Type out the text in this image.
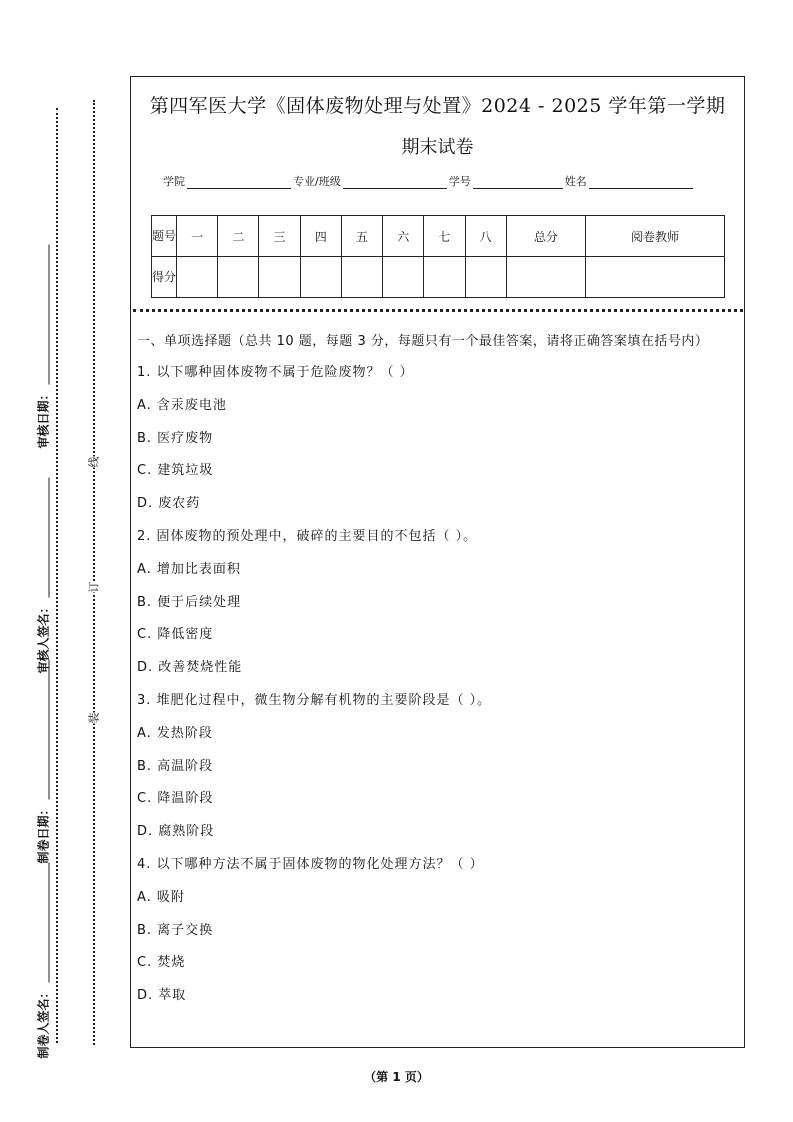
审核日期：
审核人签名：
制卷日期：
制卷人签名：
线
订
装
第四军医大学《固体废物处理与处置》2024 - 2025 学年第一学期
期末试卷
学院	专业/班级	学号	姓名
题号	一	二	三	四	五	六	七	八	总分	阅卷教师
得分										
一、单项选择题（总共 10 题，每题 3 分，每题只有一个最佳答案，请将正确答案填在括号内）
1. 以下哪种固体废物不属于危险废物？（ ）
A. 含汞废电池
B. 医疗废物
C. 建筑垃圾
D. 废农药
2. 固体废物的预处理中，破碎的主要目的不包括（ ）。
A. 增加比表面积
B. 便于后续处理
C. 降低密度
D. 改善焚烧性能
3. 堆肥化过程中，微生物分解有机物的主要阶段是（ ）。
A. 发热阶段
B. 高温阶段
C. 降温阶段
D. 腐熟阶段
4. 以下哪种方法不属于固体废物的物化处理方法？（ ）
A. 吸附
B. 离子交换
C. 焚烧
D. 萃取
（第 1 页）
